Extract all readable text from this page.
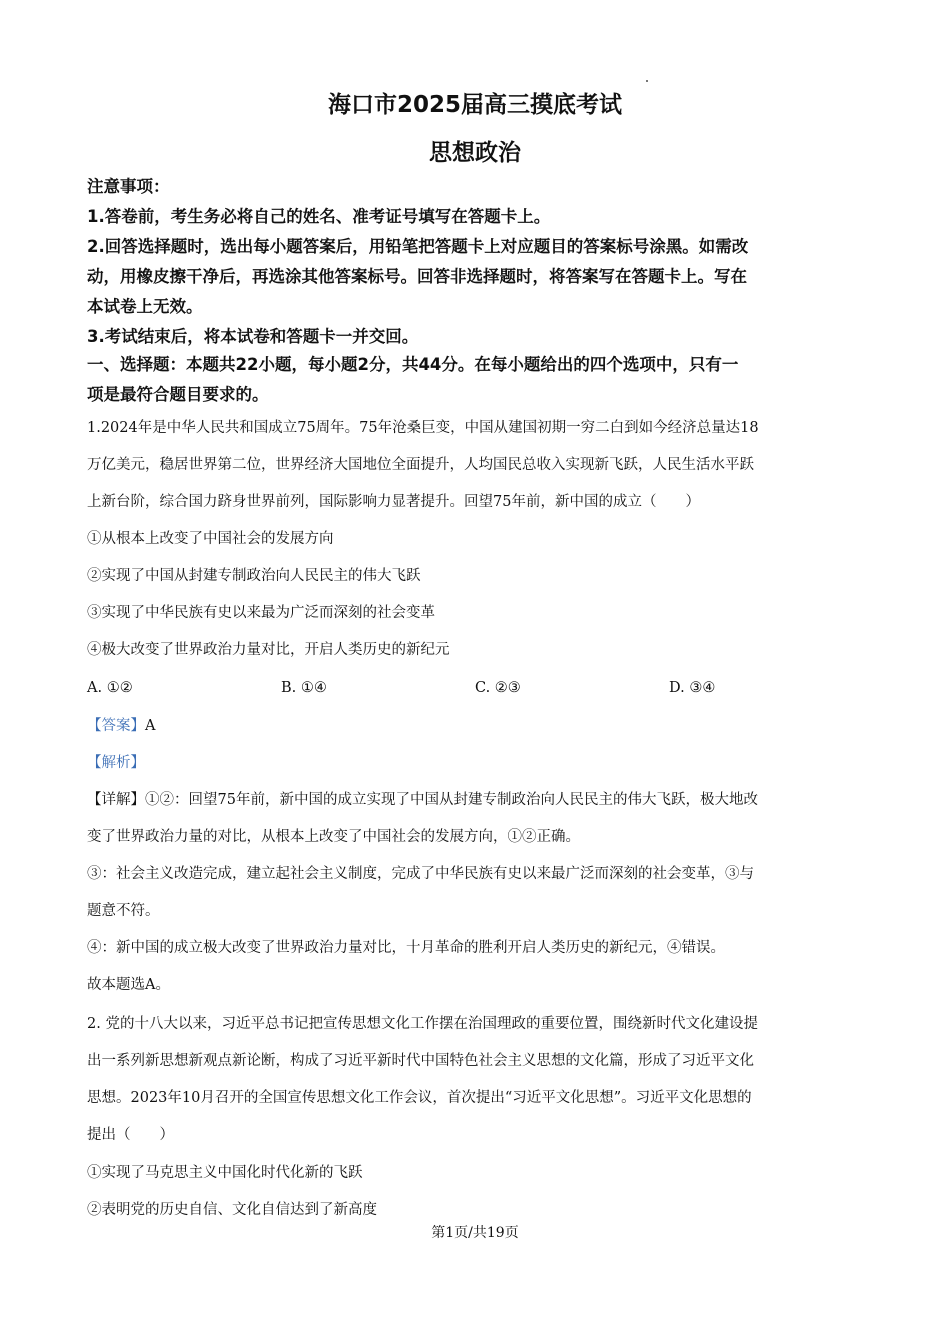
海口市2025届高三摸底考试
思想政治
注意事项：
1.答卷前，考生务必将自己的姓名、准考证号填写在答题卡上。
2.回答选择题时，选出每小题答案后，用铅笔把答题卡上对应题目的答案标号涂黑。如需改
动，用橡皮擦干净后，再选涂其他答案标号。回答非选择题时，将答案写在答题卡上。写在
本试卷上无效。
3.考试结束后，将本试卷和答题卡一并交回。
一、选择题：本题共22小题，每小题2分，共44分。在每小题给出的四个选项中，只有一
项是最符合题目要求的。
1.2024年是中华人民共和国成立75周年。75年沧桑巨变，中国从建国初期一穷二白到如今经济总量达18
万亿美元，稳居世界第二位，世界经济大国地位全面提升，人均国民总收入实现新飞跃，人民生活水平跃
上新台阶，综合国力跻身世界前列，国际影响力显著提升。回望75年前，新中国的成立（　　）
①从根本上改变了中国社会的发展方向
②实现了中国从封建专制政治向人民民主的伟大飞跃
③实现了中华民族有史以来最为广泛而深刻的社会变革
④极大改变了世界政治力量对比，开启人类历史的新纪元
A. ①②	B. ①④	C. ②③	D. ③④
【答案】A
【解析】
【详解】①②：回望75年前，新中国的成立实现了中国从封建专制政治向人民民主的伟大飞跃，极大地改
变了世界政治力量的对比，从根本上改变了中国社会的发展方向，①②正确。
③：社会主义改造完成，建立起社会主义制度，完成了中华民族有史以来最广泛而深刻的社会变革，③与
题意不符。
④：新中国的成立极大改变了世界政治力量对比，十月革命的胜利开启人类历史的新纪元，④错误。
故本题选A。
2. 党的十八大以来，习近平总书记把宣传思想文化工作摆在治国理政的重要位置，围绕新时代文化建设提
出一系列新思想新观点新论断，构成了习近平新时代中国特色社会主义思想的文化篇，形成了习近平文化
思想。2023年10月召开的全国宣传思想文化工作会议，首次提出“习近平文化思想”。习近平文化思想的
提出（　　）
①实现了马克思主义中国化时代化新的飞跃
②表明党的历史自信、文化自信达到了新高度
第1页/共19页
